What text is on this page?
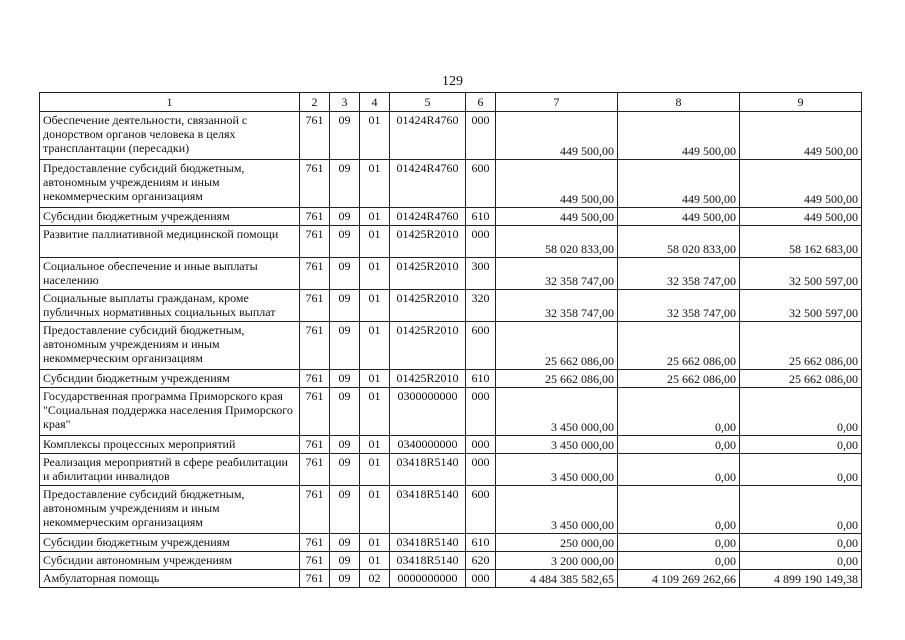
129
1	2	3	4	5	6	7	8	9
Обеспечение деятельности, связанной с донорством органов человека в целях трансплантации (пересадки)	761	09	01	01424R4760	000	449 500,00	449 500,00	449 500,00
Предоставление субсидий бюджетным, автономным учреждениям и иным некоммерческим организациям	761	09	01	01424R4760	600	449 500,00	449 500,00	449 500,00
Субсидии бюджетным учреждениям	761	09	01	01424R4760	610	449 500,00	449 500,00	449 500,00
Развитие паллиативной медицинской помощи	761	09	01	01425R2010	000	58 020 833,00	58 020 833,00	58 162 683,00
Социальное обеспечение и иные выплаты населению	761	09	01	01425R2010	300	32 358 747,00	32 358 747,00	32 500 597,00
Социальные выплаты гражданам, кроме публичных нормативных социальных выплат	761	09	01	01425R2010	320	32 358 747,00	32 358 747,00	32 500 597,00
Предоставление субсидий бюджетным, автономным учреждениям и иным некоммерческим организациям	761	09	01	01425R2010	600	25 662 086,00	25 662 086,00	25 662 086,00
Субсидии бюджетным учреждениям	761	09	01	01425R2010	610	25 662 086,00	25 662 086,00	25 662 086,00
Государственная программа Приморского края "Социальная поддержка населения Приморского края"	761	09	01	0300000000	000	3 450 000,00	0,00	0,00
Комплексы процессных мероприятий	761	09	01	0340000000	000	3 450 000,00	0,00	0,00
Реализация мероприятий в сфере реабилитации и абилитации инвалидов	761	09	01	03418R5140	000	3 450 000,00	0,00	0,00
Предоставление субсидий бюджетным, автономным учреждениям и иным некоммерческим организациям	761	09	01	03418R5140	600	3 450 000,00	0,00	0,00
Субсидии бюджетным учреждениям	761	09	01	03418R5140	610	250 000,00	0,00	0,00
Субсидии автономным учреждениям	761	09	01	03418R5140	620	3 200 000,00	0,00	0,00
Амбулаторная помощь	761	09	02	0000000000	000	4 484 385 582,65	4 109 269 262,66	4 899 190 149,38
